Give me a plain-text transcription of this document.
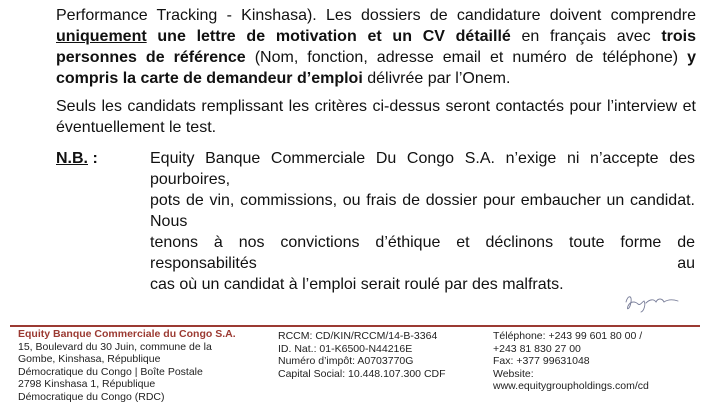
Performance Tracking - Kinshasa). Les dossiers de candidature doivent comprendre
uniquement une lettre de motivation et un CV détaillé en français avec trois
personnes de référence (Nom, fonction, adresse email et numéro de téléphone) y
compris la carte de demandeur d’emploi délivrée par l’Onem.
Seuls les candidats remplissant les critères ci-dessus seront contactés pour l’interview et
éventuellement le test.
N.B. :	Equity Banque Commerciale Du Congo S.A. n’exige ni n’accepte des pourboires,
pots de vin, commissions, ou frais de dossier pour embaucher un candidat. Nous
tenons à nos convictions d’éthique et déclinons toute forme de responsabilités au
cas où un candidat à l’emploi serait roulé par des malfrats.
Equity Banque Commerciale du Congo S.A.
15, Boulevard du 30 Juin, commune de la
Gombe, Kinshasa, République
Démocratique du Congo | Boîte Postale
2798 Kinshasa 1, République
Démocratique du Congo (RDC)
RCCM: CD/KIN/RCCM/14-B-3364
ID. Nat.: 01-K6500-N44216E
Numéro d’impôt: A0703770G
Capital Social: 10.448.107.300 CDF
Téléphone: +243 99 601 80 00 /
+243 81 830 27 00
Fax: +377 99631048
Website:
www.equitygroupholdings.com/cd
